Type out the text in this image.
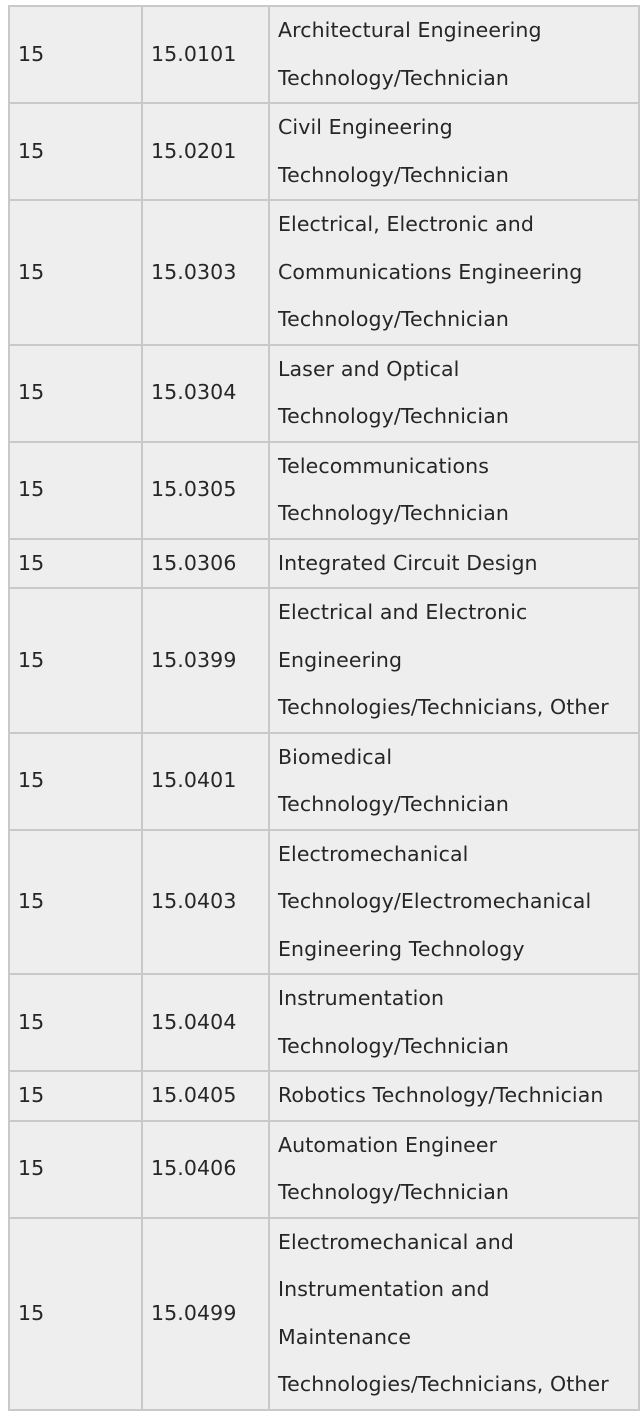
15	15.0101	Architectural Engineering
Technology/Technician

15	15.0201	Civil Engineering
Technology/Technician

15	15.0303	Electrical, Electronic and
Communications Engineering
Technology/Technician

15	15.0304	Laser and Optical
Technology/Technician

15	15.0305	Telecommunications
Technology/Technician

15	15.0306	Integrated Circuit Design

15	15.0399	Electrical and Electronic
Engineering
Technologies/Technicians, Other

15	15.0401	Biomedical
Technology/Technician

15	15.0403	Electromechanical
Technology/Electromechanical
Engineering Technology

15	15.0404	Instrumentation
Technology/Technician

15	15.0405	Robotics Technology/Technician

15	15.0406	Automation Engineer
Technology/Technician

15	15.0499	Electromechanical and
Instrumentation and
Maintenance
Technologies/Technicians, Other
